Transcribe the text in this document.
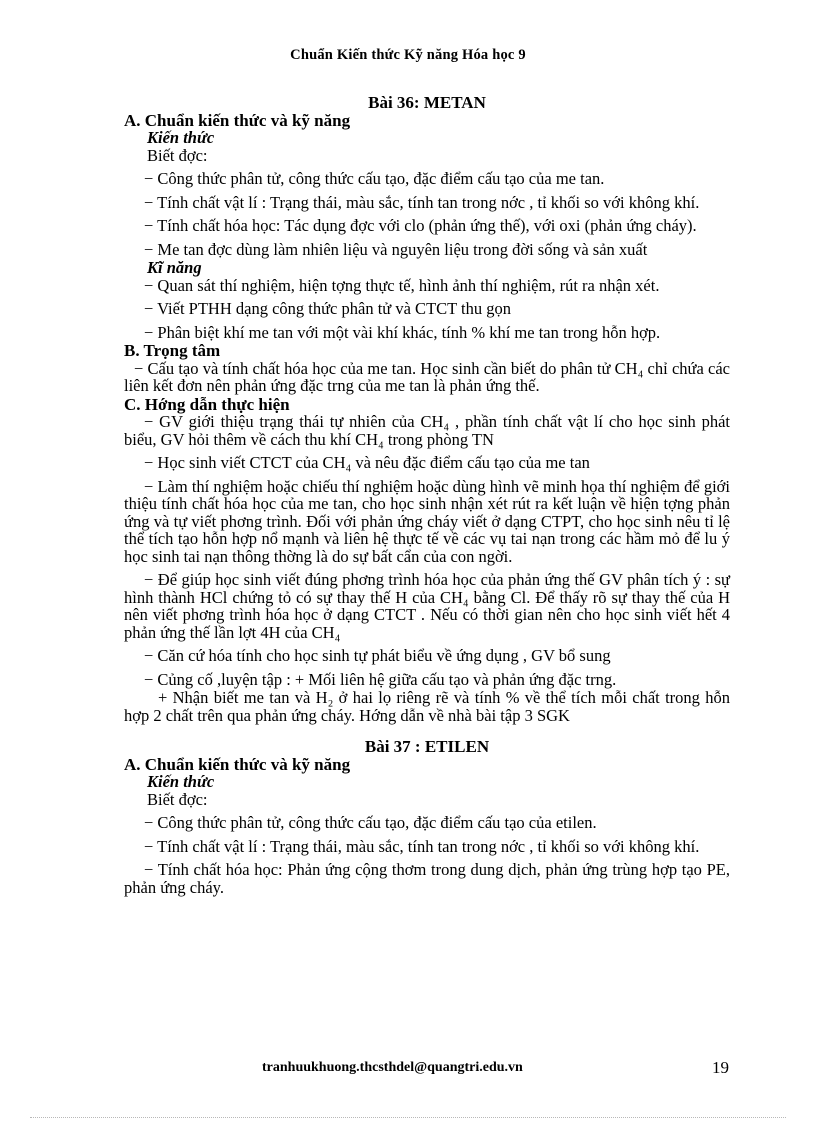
Chuẩn Kiến thức Kỹ năng Hóa học 9

Bài 36: METAN

A. Chuẩn kiến thức và kỹ năng

Kiến thức

Biết đợc:

− Công thức phân tử, công thức cấu tạo, đặc điểm cấu tạo của me tan.

− Tính chất vật lí : Trạng thái, màu sắc, tính tan trong nớc , tỉ khối so với không khí.

− Tính chất hóa học: Tác dụng đợc với clo (phản ứng thế), với oxi (phản ứng cháy).

− Me tan đợc dùng làm nhiên liệu và nguyên liệu trong đời sống và sản xuất

Kĩ năng

− Quan sát thí nghiệm, hiện tợng thực tế, hình ảnh thí nghiệm, rút ra nhận xét.

− Viết PTHH dạng công thức phân tử và CTCT thu gọn

− Phân biệt khí me tan với một vài khí khác, tính % khí me tan trong hỗn hợp.

B. Trọng tâm

− Cấu tạo và tính chất hóa học của me tan. Học sinh cần biết do phân tử CH₄ chỉ chứa các liên kết đơn nên phản ứng đặc trng của me tan là phản ứng thế.

C. Hớng dẫn thực hiện

− GV giới thiệu trạng thái tự nhiên của CH₄ , phần tính chất vật lí cho học sinh phát biểu, GV hỏi thêm về cách thu khí CH₄ trong phòng TN

− Học sinh viết CTCT của CH₄ và nêu đặc điểm cấu tạo của me tan

− Làm thí nghiệm hoặc chiếu thí nghiệm hoặc dùng hình vẽ minh họa thí nghiệm để giới thiệu tính chất hóa học của me tan, cho học sinh nhận xét rút ra kết luận về hiện tợng phản ứng và tự viết phơng trình. Đối với phản ứng cháy viết ở dạng CTPT, cho học sinh nêu tỉ lệ thể tích tạo hỗn hợp nổ mạnh và liên hệ thực tế về các vụ tai nạn trong các hầm mỏ để lu ý học sinh tai nạn thông thờng là do sự bất cẩn của con ngời.

− Để giúp học sinh viết đúng phơng trình hóa học của phản ứng thế GV phân tích ý : sự hình thành HCl chứng tỏ có sự thay thế H của CH₄ bằng Cl. Để thấy rõ sự thay thế của H nên viết phơng trình hóa học ở dạng CTCT . Nếu có thời gian nên cho học sinh viết hết 4 phản ứng thế lần lợt 4H của CH₄

− Căn cứ hóa tính cho học sinh tự phát biểu về ứng dụng , GV bổ sung

− Củng cố ,luyện tập : + Mối liên hệ giữa cấu tạo và phản ứng đặc trng.

+ Nhận biết me tan và H₂ ở hai lọ riêng rẽ và tính % về thể tích mỗi chất trong hỗn hợp 2 chất trên qua phản ứng cháy. Hớng dẫn về nhà bài tập 3 SGK

Bài 37 : ETILEN

A. Chuẩn kiến thức và kỹ năng

Kiến thức

Biết đợc:

− Công thức phân tử, công thức cấu tạo, đặc điểm cấu tạo của etilen.

− Tính chất vật lí : Trạng thái, màu sắc, tính tan trong nớc , tỉ khối so với không khí.

− Tính chất hóa học: Phản ứng cộng thơm trong dung dịch, phản ứng trùng hợp tạo PE, phản ứng cháy.

tranhuukhuong.thcsthdel@quangtri.edu.vn	19
